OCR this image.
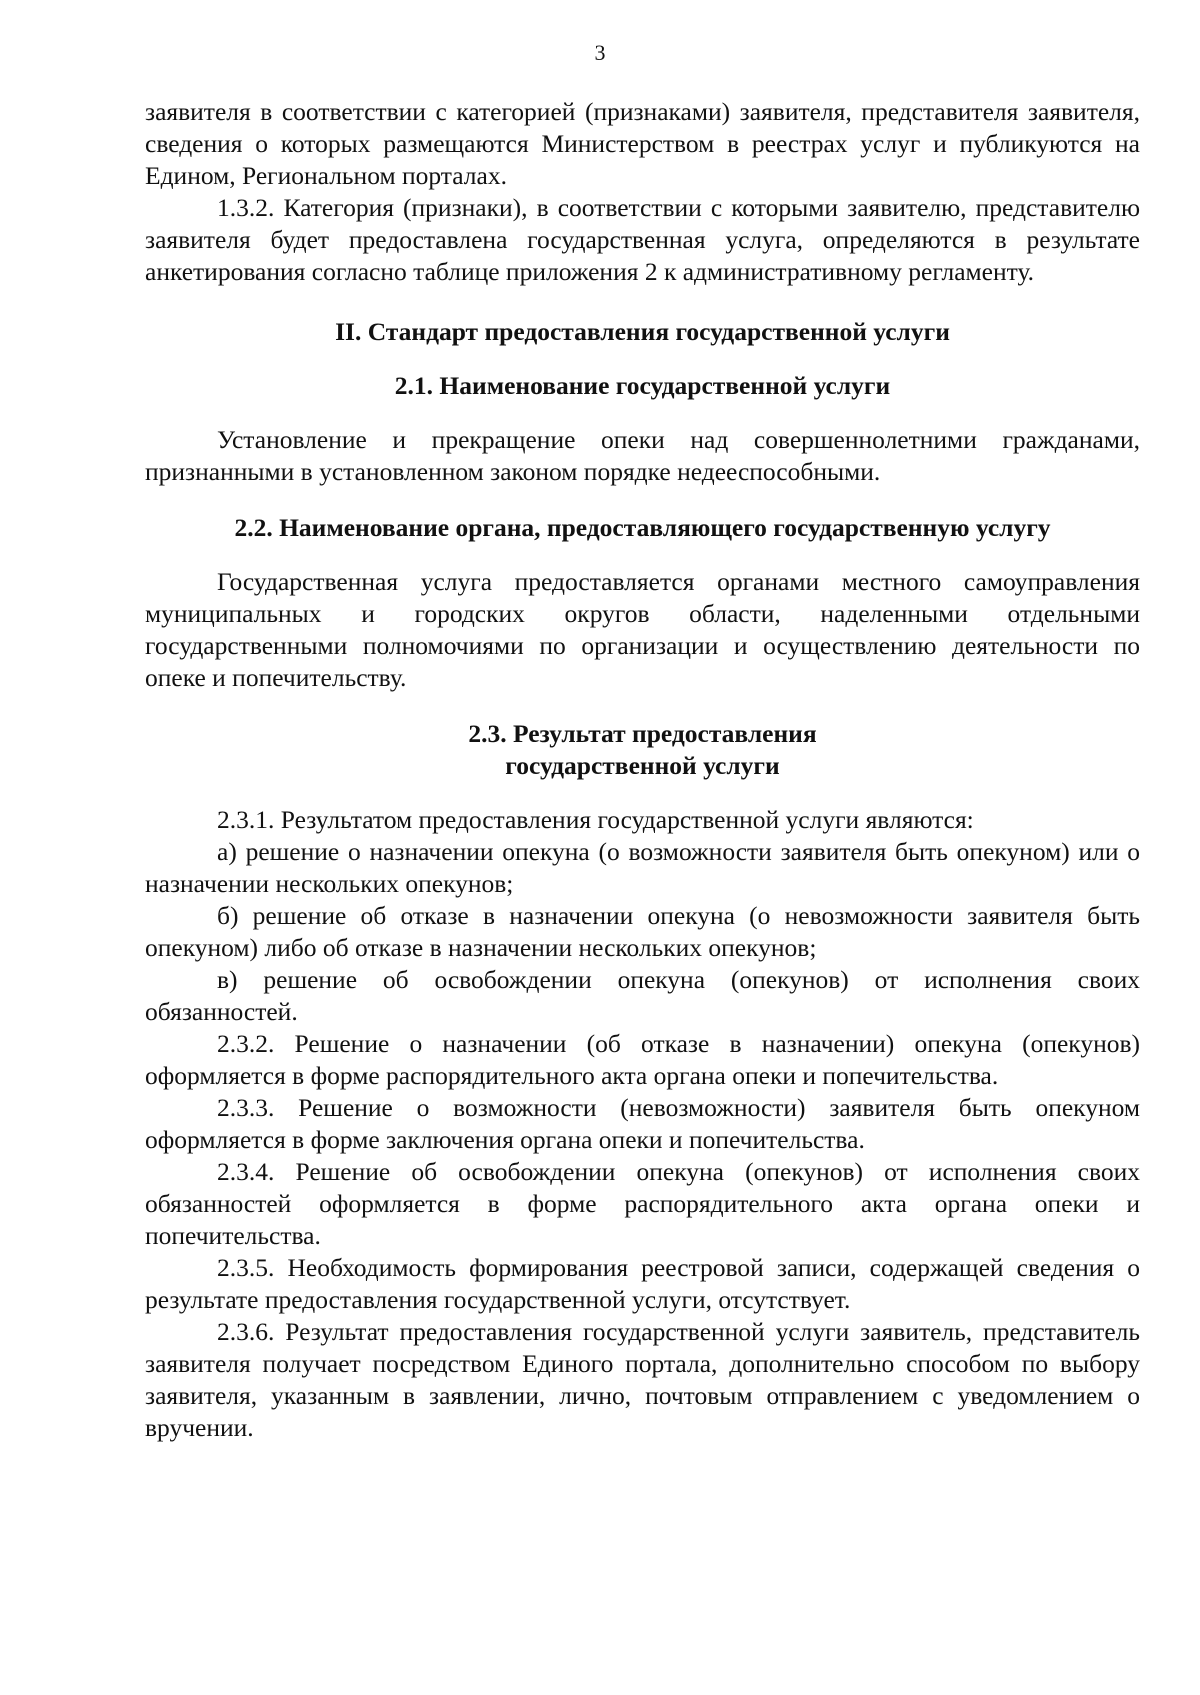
3

заявителя в соответствии с категорией (признаками) заявителя, представителя заявителя, сведения о которых размещаются Министерством в реестрах услуг и публикуются на Едином, Региональном порталах.

1.3.2. Категория (признаки), в соответствии с которыми заявителю, представителю заявителя будет предоставлена государственная услуга, определяются в результате анкетирования согласно таблице приложения 2 к административному регламенту.

II. Стандарт предоставления государственной услуги
2.1. Наименование государственной услуги

Установление и прекращение опеки над совершеннолетними гражданами, признанными в установленном законом порядке недееспособными.

2.2. Наименование органа, предоставляющего государственную услугу

Государственная услуга предоставляется органами местного самоуправления муниципальных и городских округов области, наделенными отдельными государственными полномочиями по организации и осуществлению деятельности по опеке и попечительству.

2.3. Результат предоставления
государственной услуги

2.3.1. Результатом предоставления государственной услуги являются:

а) решение о назначении опекуна (о возможности заявителя быть опекуном) или о назначении нескольких опекунов;

б) решение об отказе в назначении опекуна (о невозможности заявителя быть опекуном) либо об отказе в назначении нескольких опекунов;

в) решение об освобождении опекуна (опекунов) от исполнения своих обязанностей.

2.3.2. Решение о назначении (об отказе в назначении) опекуна (опекунов) оформляется в форме распорядительного акта органа опеки и попечительства.

2.3.3. Решение о возможности (невозможности) заявителя быть опекуном оформляется в форме заключения органа опеки и попечительства.

2.3.4. Решение об освобождении опекуна (опекунов) от исполнения своих обязанностей оформляется в форме распорядительного акта органа опеки и попечительства.

2.3.5. Необходимость формирования реестровой записи, содержащей сведения о результате предоставления государственной услуги, отсутствует.

2.3.6. Результат предоставления государственной услуги заявитель, представитель заявителя получает посредством Единого портала, дополнительно способом по выбору заявителя, указанным в заявлении, лично, почтовым отправлением с уведомлением о вручении.
